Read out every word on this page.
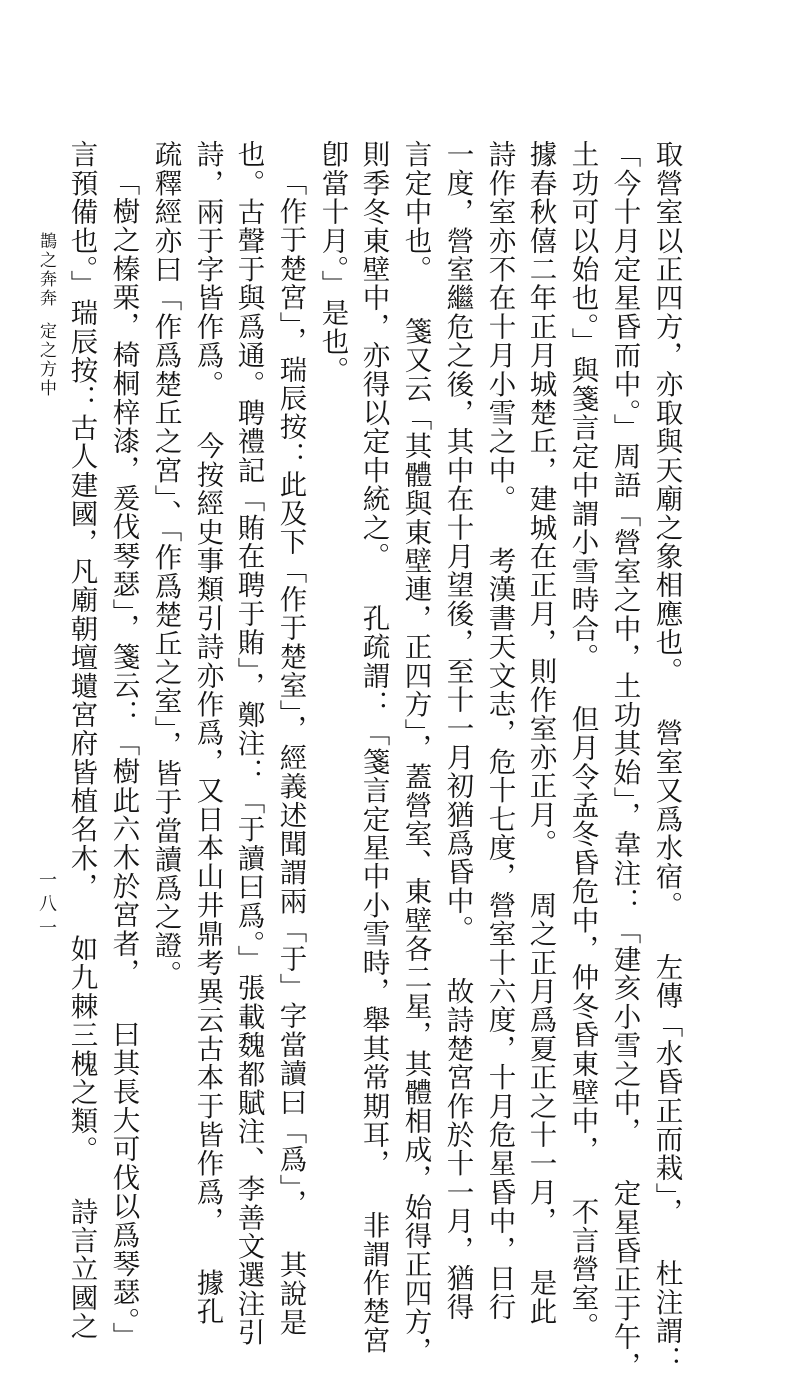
取營室以正四方，亦取與天廟之象相應也。 營室又爲水宿。 左傳「水昏正而栽」， 杜注謂：
「今十月定星昏而中。」周語「營室之中，土功其始」，韋注：「建亥小雪之中， 定星昏正于午，
土功可以始也。」與箋言定中謂小雪時合。 但月令孟冬昏危中，仲冬昏東壁中， 不言營室。
據春秋僖二年正月城楚丘，建城在正月，則作室亦正月。 周之正月爲夏正之十一月， 是此
詩作室亦不在十月小雪之中。 考漢書天文志，危十七度，營室十六度，十月危星昏中，日行
一度，營室繼危之後，其中在十月望後，至十一月初猶爲昏中。 故詩楚宮作於十一月，猶得
言定中也。 箋又云「其體與東壁連，正四方」，蓋營室、東壁各二星，其體相成，始得正四方，
則季冬東壁中，亦得以定中統之。 孔疏謂：「箋言定星中小雪時，舉其常期耳， 非謂作楚宮
卽當十月。」是也。
「作于楚宮」，瑞辰按：此及下「作于楚室」，經義述聞謂兩「于」字當讀曰「爲」， 其說是
也。古聲于與爲通。聘禮記「賄在聘于賄」，鄭注：「于讀曰爲。」張載魏都賦注、李善文選注引
詩，兩于字皆作爲。 今按經史事類引詩亦作爲，又日本山井鼎考異云古本于皆作爲， 據孔
疏釋經亦曰「作爲楚丘之宮」、「作爲楚丘之室」，皆于當讀爲之證。
「樹之榛栗，椅桐梓漆，爰伐琴瑟」，箋云：「樹此六木於宮者， 曰其長大可伐以爲琴瑟。」
言預備也。」瑞辰按：古人建國，凡廟朝壇壝宮府皆植名木， 如九棘三槐之類。 詩言立國之
鵲之奔奔
定之方中
一八一
